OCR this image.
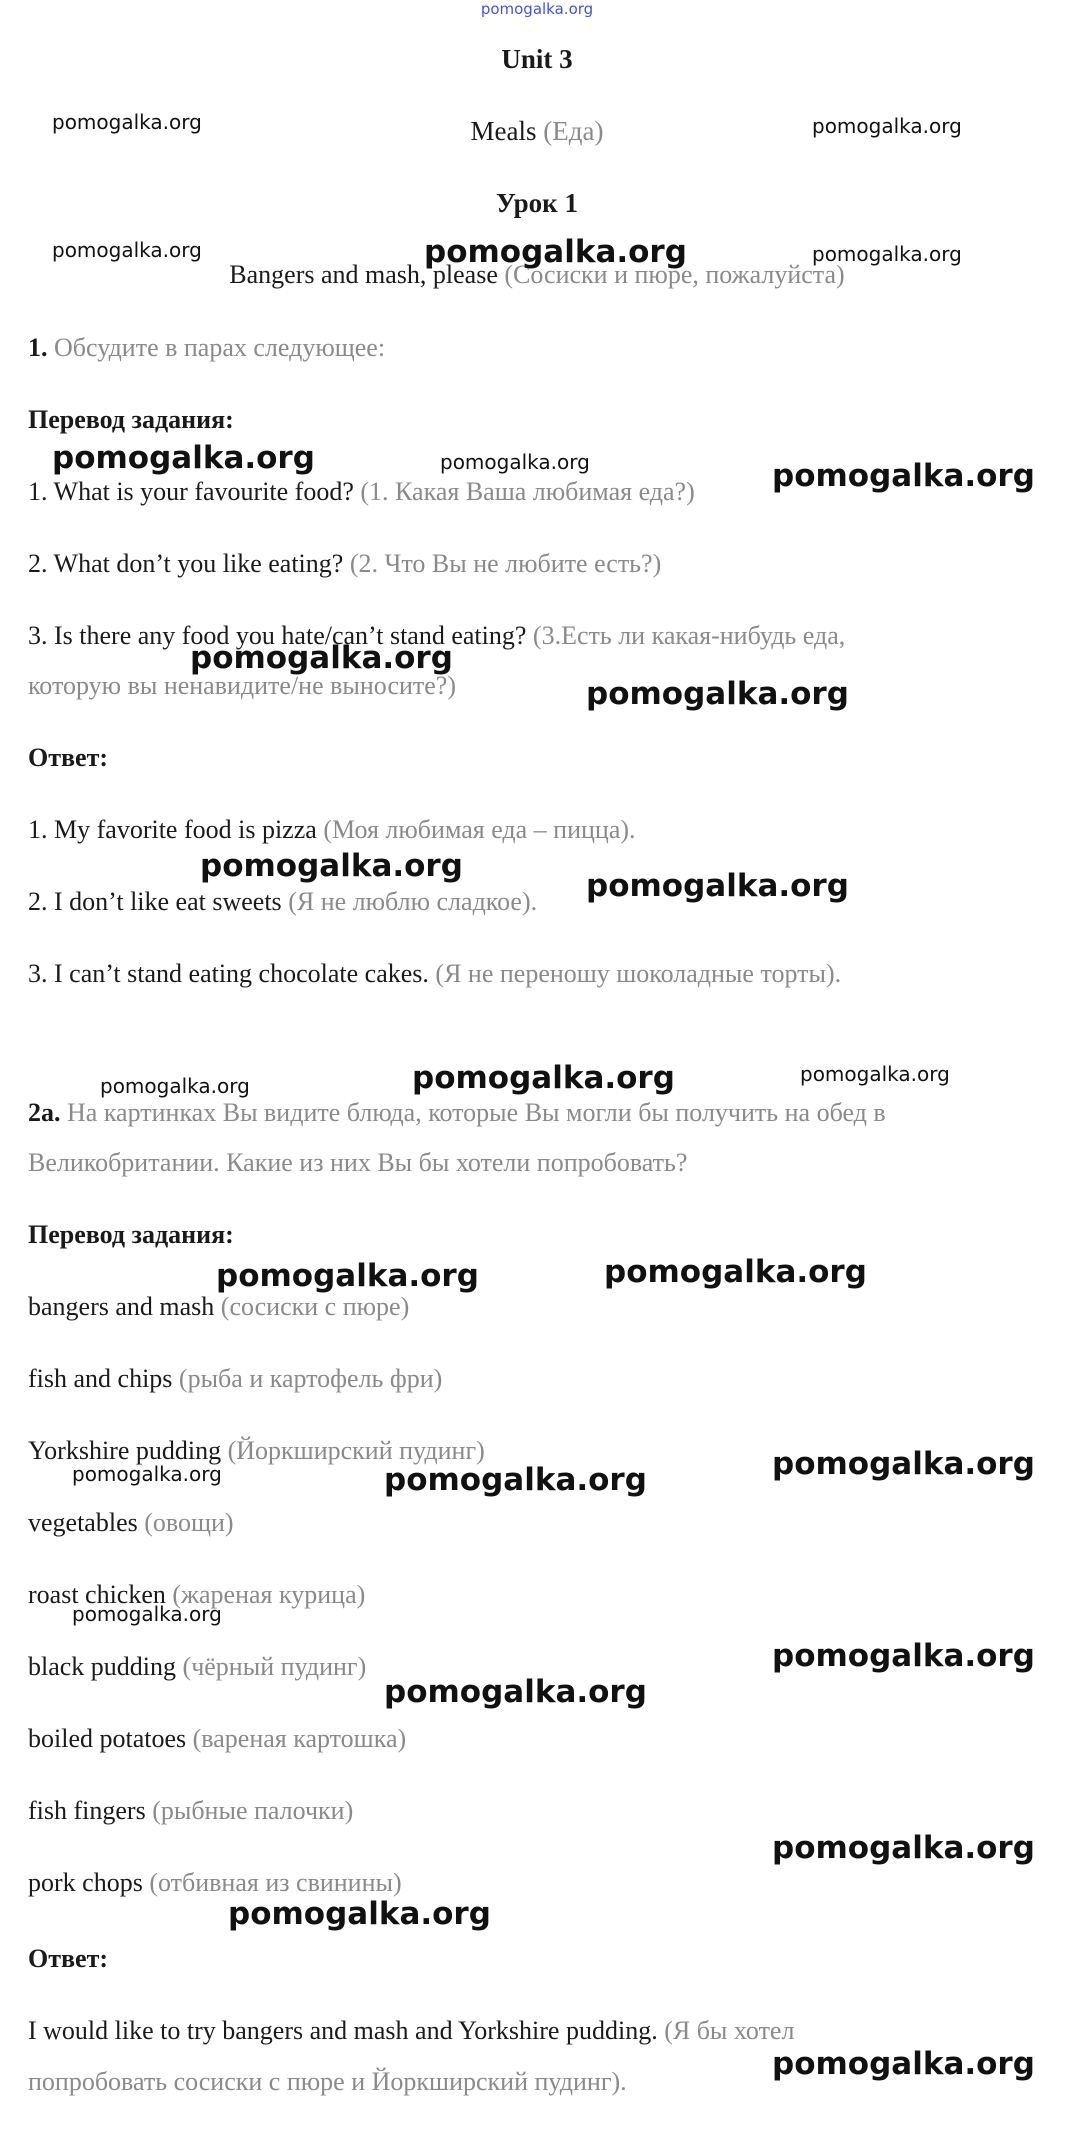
pomogalka.org
Unit 3
Meals (Еда)
Урок 1
Bangers and mash, please (Сосиски и пюре, пожалуйста)
1. Обсудите в парах следующее:
Перевод задания:
1. What is your favourite food? (1. Какая Ваша любимая еда?)
2. What don’t you like eating? (2. Что Вы не любите есть?)
3. Is there any food you hate/can’t stand eating? (3.Есть ли какая-нибудь еда,
которую вы ненавидите/не выносите?)
Ответ:
1. My favorite food is pizza (Моя любимая еда – пицца).
2. I don’t like eat sweets (Я не люблю сладкое).
3. I can’t stand eating chocolate cakes. (Я не переношу шоколадные торты).
2a. На картинках Вы видите блюда, которые Вы могли бы получить на обед в
Великобритании. Какие из них Вы бы хотели попробовать?
Перевод задания:
bangers and mash (сосиски с пюре)
fish and chips (рыба и картофель фри)
Yorkshire pudding (Йоркширский пудинг)
vegetables (овощи)
roast chicken (жареная курица)
black pudding (чёрный пудинг)
boiled potatoes (вареная картошка)
fish fingers (рыбные палочки)
pork chops (отбивная из свинины)
Ответ:
I would like to try bangers and mash and Yorkshire pudding. (Я бы хотел
попробовать сосиски с пюре и Йоркширский пудинг).
pomogalka.org	pomogalka.org
pomogalka.org	pomogalka.org	pomogalka.org
pomogalka.org	pomogalka.org	pomogalka.org
pomogalka.org
pomogalka.org
pomogalka.org
pomogalka.org
pomogalka.org
pomogalka.org	pomogalka.org
pomogalka.org	pomogalka.org
pomogalka.org	pomogalka.org	pomogalka.org
pomogalka.org
pomogalka.org
pomogalka.org
pomogalka.org
pomogalka.org
pomogalka.org
